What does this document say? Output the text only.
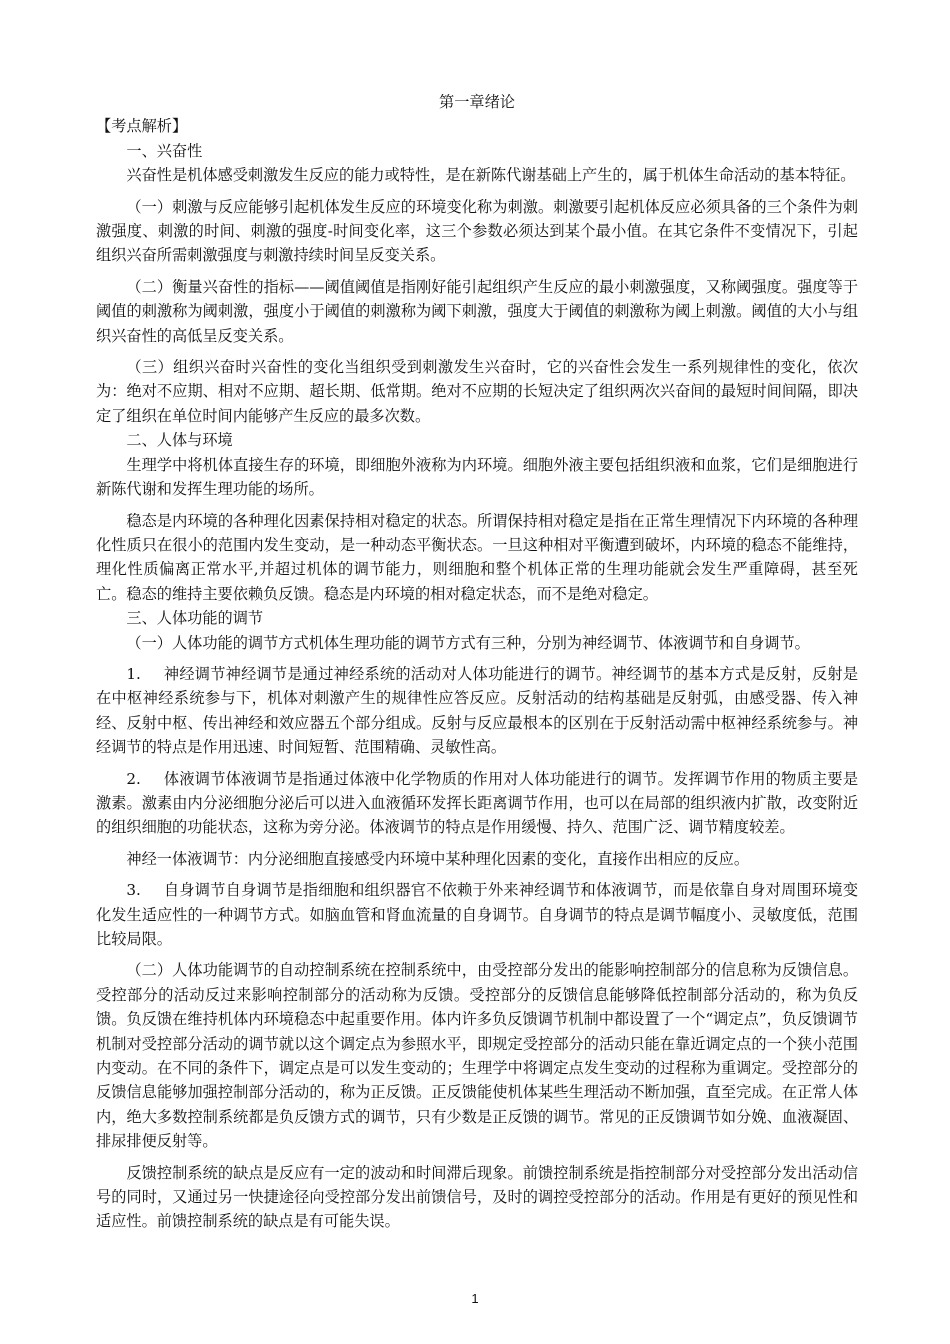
第一章绪论

【考点解析】

一、兴奋性

兴奋性是机体感受刺激发生反应的能力或特性，是在新陈代谢基础上产生的，属于机体生命活动的基本特征。

（一）刺激与反应能够引起机体发生反应的环境变化称为刺激。刺激要引起机体反应必须具备的三个条件为刺激强度、刺激的时间、刺激的强度-时间变化率，这三个参数必须达到某个最小值。在其它条件不变情况下，引起组织兴奋所需刺激强度与刺激持续时间呈反变关系。

（二）衡量兴奋性的指标——阈值阈值是指刚好能引起组织产生反应的最小刺激强度，又称阈强度。强度等于阈值的刺激称为阈刺激，强度小于阈值的刺激称为阈下刺激，强度大于阈值的刺激称为阈上刺激。阈值的大小与组织兴奋性的高低呈反变关系。

（三）组织兴奋时兴奋性的变化当组织受到刺激发生兴奋时，它的兴奋性会发生一系列规律性的变化，依次为：绝对不应期、相对不应期、超长期、低常期。绝对不应期的长短决定了组织两次兴奋间的最短时间间隔，即决定了组织在单位时间内能够产生反应的最多次数。

二、人体与环境

生理学中将机体直接生存的环境，即细胞外液称为内环境。细胞外液主要包括组织液和血浆，它们是细胞进行新陈代谢和发挥生理功能的场所。

稳态是内环境的各种理化因素保持相对稳定的状态。所谓保持相对稳定是指在正常生理情况下内环境的各种理化性质只在很小的范围内发生变动，是一种动态平衡状态。一旦这种相对平衡遭到破坏，内环境的稳态不能维持，理化性质偏离正常水平,并超过机体的调节能力，则细胞和整个机体正常的生理功能就会发生严重障碍，甚至死亡。稳态的维持主要依赖负反馈。稳态是内环境的相对稳定状态，而不是绝对稳定。

三、人体功能的调节

（一）人体功能的调节方式机体生理功能的调节方式有三种，分别为神经调节、体液调节和自身调节。

1. 神经调节神经调节是通过神经系统的活动对人体功能进行的调节。神经调节的基本方式是反射，反射是在中枢神经系统参与下，机体对刺激产生的规律性应答反应。反射活动的结构基础是反射弧，由感受器、传入神经、反射中枢、传出神经和效应器五个部分组成。反射与反应最根本的区别在于反射活动需中枢神经系统参与。神经调节的特点是作用迅速、时间短暂、范围精确、灵敏性高。

2. 体液调节体液调节是指通过体液中化学物质的作用对人体功能进行的调节。发挥调节作用的物质主要是激素。激素由内分泌细胞分泌后可以进入血液循环发挥长距离调节作用，也可以在局部的组织液内扩散，改变附近的组织细胞的功能状态，这称为旁分泌。体液调节的特点是作用缓慢、持久、范围广泛、调节精度较差。

神经一体液调节：内分泌细胞直接感受内环境中某种理化因素的变化，直接作出相应的反应。

3. 自身调节自身调节是指细胞和组织器官不依赖于外来神经调节和体液调节，而是依靠自身对周围环境变化发生适应性的一种调节方式。如脑血管和肾血流量的自身调节。自身调节的特点是调节幅度小、灵敏度低，范围比较局限。

（二）人体功能调节的自动控制系统在控制系统中，由受控部分发出的能影响控制部分的信息称为反馈信息。受控部分的活动反过来影响控制部分的活动称为反馈。受控部分的反馈信息能够降低控制部分活动的，称为负反馈。负反馈在维持机体内环境稳态中起重要作用。体内许多负反馈调节机制中都设置了一个“调定点”，负反馈调节机制对受控部分活动的调节就以这个调定点为参照水平，即规定受控部分的活动只能在靠近调定点的一个狭小范围内变动。在不同的条件下，调定点是可以发生变动的；生理学中将调定点发生变动的过程称为重调定。受控部分的反馈信息能够加强控制部分活动的，称为正反馈。正反馈能使机体某些生理活动不断加强，直至完成。在正常人体内，绝大多数控制系统都是负反馈方式的调节，只有少数是正反馈的调节。常见的正反馈调节如分娩、血液凝固、排尿排便反射等。

反馈控制系统的缺点是反应有一定的波动和时间滞后现象。前馈控制系统是指控制部分对受控部分发出活动信号的同时，又通过另一快捷途径向受控部分发出前馈信号，及时的调控受控部分的活动。作用是有更好的预见性和适应性。前馈控制系统的缺点是有可能失误。

1
